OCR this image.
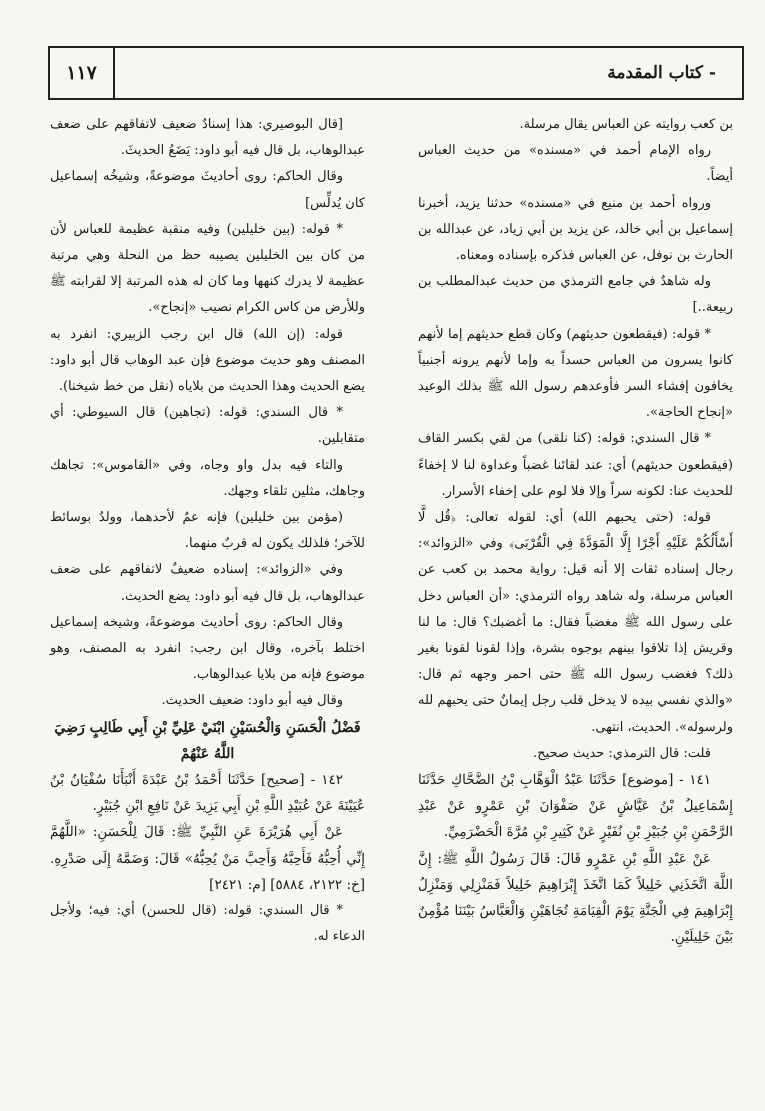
- كتاب المقدمة
١١٧

بن كعب روايته عن العباس يقال مرسلة.

رواه الإمام أحمد في «مسنده» من حديث العباس أيضاً.

ورواه أحمد بن منيع في «مسنده» حدثنا يزيد، أخبرنا إسماعيل بن أبي خالد، عن يزيد بن أبي زياد، عن عبدالله بن الحارث بن نوفل، عن العباس فذكره بإسناده ومعناه.

وله شاهدٌ في جامع الترمذي من حديث عبدالمطلب بن ربيعة..]

* قوله: (فيقطعون حديثهم) وكان قطع حديثهم إما لأنهم كانوا يسرون من العباس حسداً به وإما لأنهم يرونه أجنبياً يخافون إفشاء السر فأوعدهم رسول الله ﷺ بذلك الوعيد «إنجاح الحاجة».

* قال السندي: قوله: (كنا نلقى) من لقي بكسر القاف (فيقطعون حديثهم) أي: عند لقائنا غضباً وعداوة لنا لا إخفاءً للحديث عنا: لكونه سراً وإلا فلا لوم على إخفاء الأسرار.

قوله: (حتى يحبهم الله) أي: لقوله تعالى: ﴿قُل لَّا أَسْأَلُكُمْ عَلَيْهِ أَجْرًا إِلَّا الْمَوَدَّةَ فِي الْقُرْبَى﴾ وفي «الزوائد»: رجال إسناده ثقات إلا أنه قيل: رواية محمد بن كعب عن العباس مرسلة، وله شاهد رواه الترمذي: «أن العباس دخل على رسول الله ﷺ مغضباً فقال: ما أغضبك؟ قال: ما لنا وقريش إذا تلاقوا بينهم بوجوه بشرة، وإذا لقونا لقونا بغير ذلك؟ فغضب رسول الله ﷺ حتى احمر وجهه ثم قال: «والذي نفسي بيده لا يدخل قلب رجل إيمانٌ حتى يحبهم لله ولرسوله». الحديث، انتهى.

قلت: قال الترمذي: حديث صحيح.

١٤١ - [موضوع] حَدَّثَنَا عَبْدُ الْوَهَّابِ بْنُ الضَّحَّاكِ حَدَّثَنَا إِسْمَاعِيلُ بْنُ عَيَّاشٍ عَنْ صَفْوَانَ بْنِ عَمْرٍو عَنْ عَبْدِ الرَّحْمَنِ بْنِ جُبَيْرِ بْنِ نُفَيْرٍ عَنْ كَثِيرِ بْنِ مُرَّةَ الْحَضْرَمِيِّ.

عَنْ عَبْدِ اللَّهِ بْنِ عَمْرٍو قَالَ: قَالَ رَسُولُ اللَّهِ ﷺ: إِنَّ اللَّهَ اتَّخَذَنِي خَلِيلاً كَمَا اتَّخَذَ إِبْرَاهِيمَ خَلِيلاً فَمَنْزِلِي وَمَنْزِلُ إِبْرَاهِيمَ فِي الْجَنَّةِ يَوْمَ الْقِيَامَةِ تُجَاهَيْنِ وَالْعَبَّاسُ بَيْنَنَا مُؤْمِنٌ بَيْنَ خَلِيلَيْنِ.

[قال البوصيري: هذا إسنادٌ ضعيف لاتفاقهم على ضعف عبدالوهاب، بل قال فيه أبو داود: يَضَعُ الحديثَ.

وقال الحاكم: روى أحاديثَ موضوعةً، وشيخُه إسماعيل كان يُدلِّس]

* قوله: (بين خليلين) وفيه منقبة عظيمة للعباس لأن من كان بين الخليلين يصيبه حظ من النحلة وهي مرتبة عظيمة لا يدرك كنهها وما كان له هذه المرتبة إلا لقرابته ﷺ وللأرض من كاس الكرام نصيب «إنجاح».

قوله: (إن الله) قال ابن رجب الزبيري: انفرد به المصنف وهو حديث موضوع فإن عبد الوهاب قال أبو داود: يضع الحديث وهذا الحديث من بلاياه (نقل من خط شيخنا).

* قال السندي: قوله: (تجاهين) قال السيوطي: أي متقابلين.

والتاء فيه بدل واو وجاه، وفي «القاموس»: تجاهك وجاهك، مثلين تلقاء وجهك.

(مؤمن بين خليلين) فإنه عمٌ لأحدهما، وولدٌ بوسائط للآخر؛ فلذلك يكون له قربٌ منهما.

وفي «الزوائد»: إسناده ضعيفٌ لاتفاقهم على ضعف عبدالوهاب، بل قال فيه أبو داود: يضع الحديث.

وقال الحاكم: روى أحاديث موضوعةً، وشيخه إسماعيل اختلط بآخره، وقال ابن رجب: انفرد به المصنف، وهو موضوع فإنه من بلايا عبدالوهاب.

وقال فيه أبو داود: ضعيف الحديث.

فَضْلُ الْحَسَنِ وَالْحُسَيْنِ ابْنَيْ عَلِيِّ بْنِ أَبِي طَالِبٍ رَضِيَ اللَّهُ عَنْهُمْ

١٤٢ - [صحيح] حَدَّثَنَا أَحْمَدُ بْنُ عَبْدَةَ أَنْبَأَنَا سُفْيَانُ بْنُ عُيَيْنَةَ عَنْ عُبَيْدِ اللَّهِ بْنِ أَبِي يَزِيدَ عَنْ نَافِعِ ابْنِ جُبَيْرٍ.

عَنْ أَبِي هُرَيْرَةَ عَنِ النَّبِيِّ ﷺ: قَالَ لِلْحَسَنِ: «اللَّهُمَّ إِنِّي أُحِبُّهُ فَأَحِبَّهُ وَأَحِبَّ مَنْ يُحِبُّهُ» قَالَ: وَضَمَّهُ إِلَى صَدْرِهِ. [خ: ٢١٢٢، ٥٨٨٤] [م: ٢٤٢١]

* قال السندي: قوله: (قال للحسن) أي: فيه؛ ولأجل الدعاء له.
